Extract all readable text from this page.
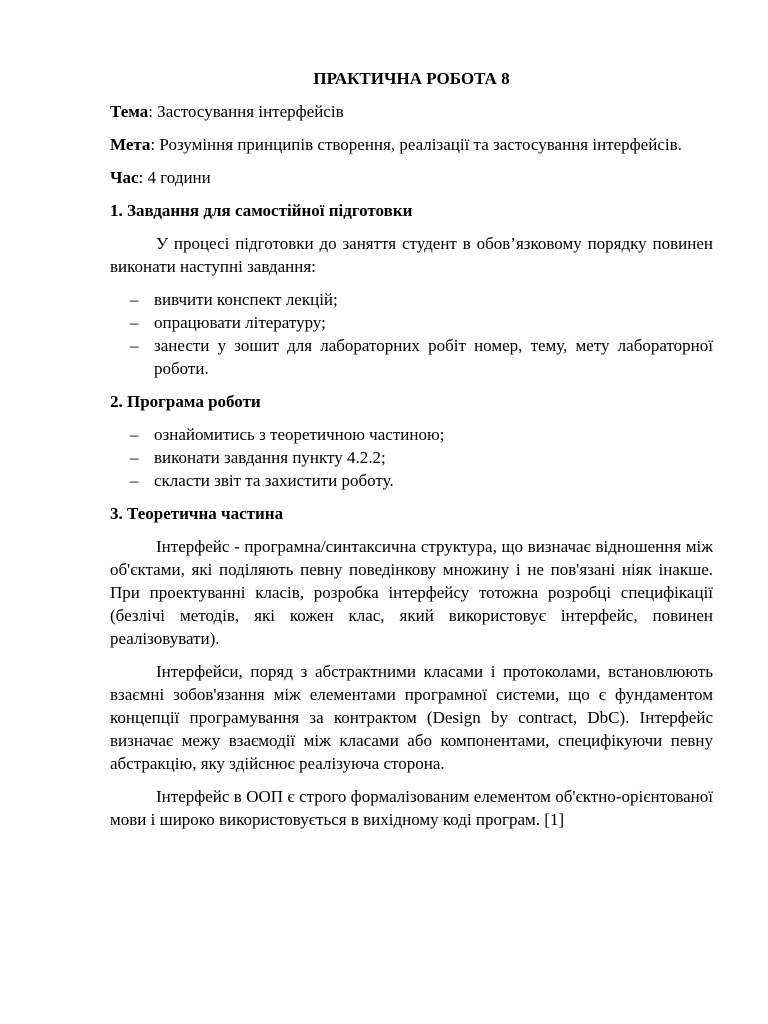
ПРАКТИЧНА РОБОТА 8
Тема: Застосування інтерфейсів
Мета: Розуміння принципів створення, реалізації та застосування інтерфейсів.
Час: 4 години
1. Завдання для самостійної підготовки
У процесі підготовки до заняття студент в обов’язковому порядку повинен виконати наступні завдання:
– вивчити конспект лекцій;
– опрацювати літературу;
– занести у зошит для лабораторних робіт номер, тему, мету лабораторної роботи.
2. Програма роботи
– ознайомитись з теоретичною частиною;
– виконати завдання пункту 4.2.2;
– скласти звіт та захистити роботу.
3. Теоретична частина
Інтерфейс - програмна/синтаксична структура, що визначає відношення між об'єктами, які поділяють певну поведінкову множину і не пов'язані ніяк інакше. При проектуванні класів, розробка інтерфейсу тотожна розробці специфікації (безлічі методів, які кожен клас, який використовує інтерфейс, повинен реалізовувати).
Інтерфейси, поряд з абстрактними класами і протоколами, встановлюють взаємні зобов'язання між елементами програмної системи, що є фундаментом концепції програмування за контрактом (Design by contract, DbC). Інтерфейс визначає межу взаємодії між класами або компонентами, специфікуючи певну абстракцію, яку здійснює реалізуюча сторона.
Інтерфейс в ООП є строго формалізованим елементом об'єктно-орієнтованої мови і широко використовується в вихідному коді програм. [1]
